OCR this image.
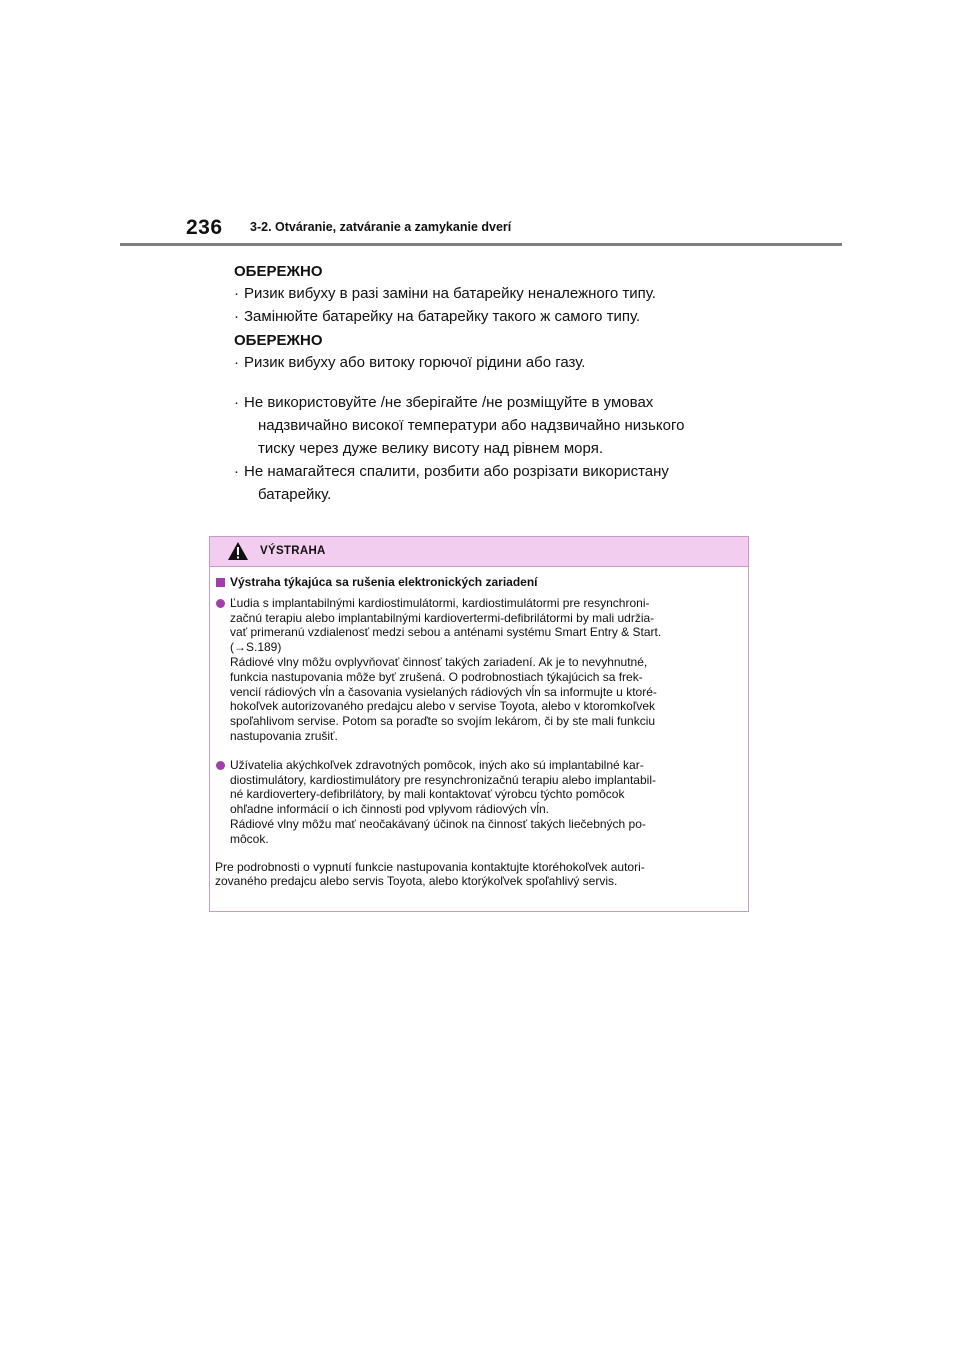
236 3-2. Otváranie, zatváranie a zamykanie dverí

ОБЕРЕЖНО

· Ризик вибуху в разі заміни на батарейку неналежного типу.

· Замінюйте батарейку на батарейку такого ж самого типу.

ОБЕРЕЖНО

· Ризик вибуху або витоку горючої рідини або газу.

· Не використовуйте /не зберігайте /не розміщуйте в умовах
надзвичайно високої температури або надзвичайно низького
тиску через дуже велику висоту над рівнем моря.

· Не намагайтеся спалити, розбити або розрізати використану
батарейку.

VÝSTRAHA
Výstraha týkajúca sa rušenia elektronických zariadení
Ľudia s implantabilnými kardiostimulátormi, kardiostimulátormi pre resynchroni-
začnú terapiu alebo implantabilnými kardiovertermi-defibrilátormi by mali udržia-
vať primeranú vzdialenosť medzi sebou a anténami systému Smart Entry & Start.
(→S.189)
Rádiové vlny môžu ovplyvňovať činnosť takých zariadení. Ak je to nevyhnutné,
funkcia nastupovania môže byť zrušená. O podrobnostiach týkajúcich sa frek-
vencií rádiových vĺn a časovania vysielaných rádiových vĺn sa informujte u ktoré-
hokoľvek autorizovaného predajcu alebo v servise Toyota, alebo v ktoromkoľvek
spoľahlivom servise. Potom sa poraďte so svojím lekárom, či by ste mali funkciu
nastupovania zrušiť.
Užívatelia akýchkoľvek zdravotných pomôcok, iných ako sú implantabilné kar-
diostimulátory, kardiostimulátory pre resynchronizačnú terapiu alebo implantabil-
né kardiovertery-defibrilátory, by mali kontaktovať výrobcu týchto pomôcok
ohľadne informácií o ich činnosti pod vplyvom rádiových vĺn.
Rádiové vlny môžu mať neočakávaný účinok na činnosť takých liečebných po-
môcok.
Pre podrobnosti o vypnutí funkcie nastupovania kontaktujte ktoréhokoľvek autori-
zovaného predajcu alebo servis Toyota, alebo ktorýkoľvek spoľahlivý servis.
